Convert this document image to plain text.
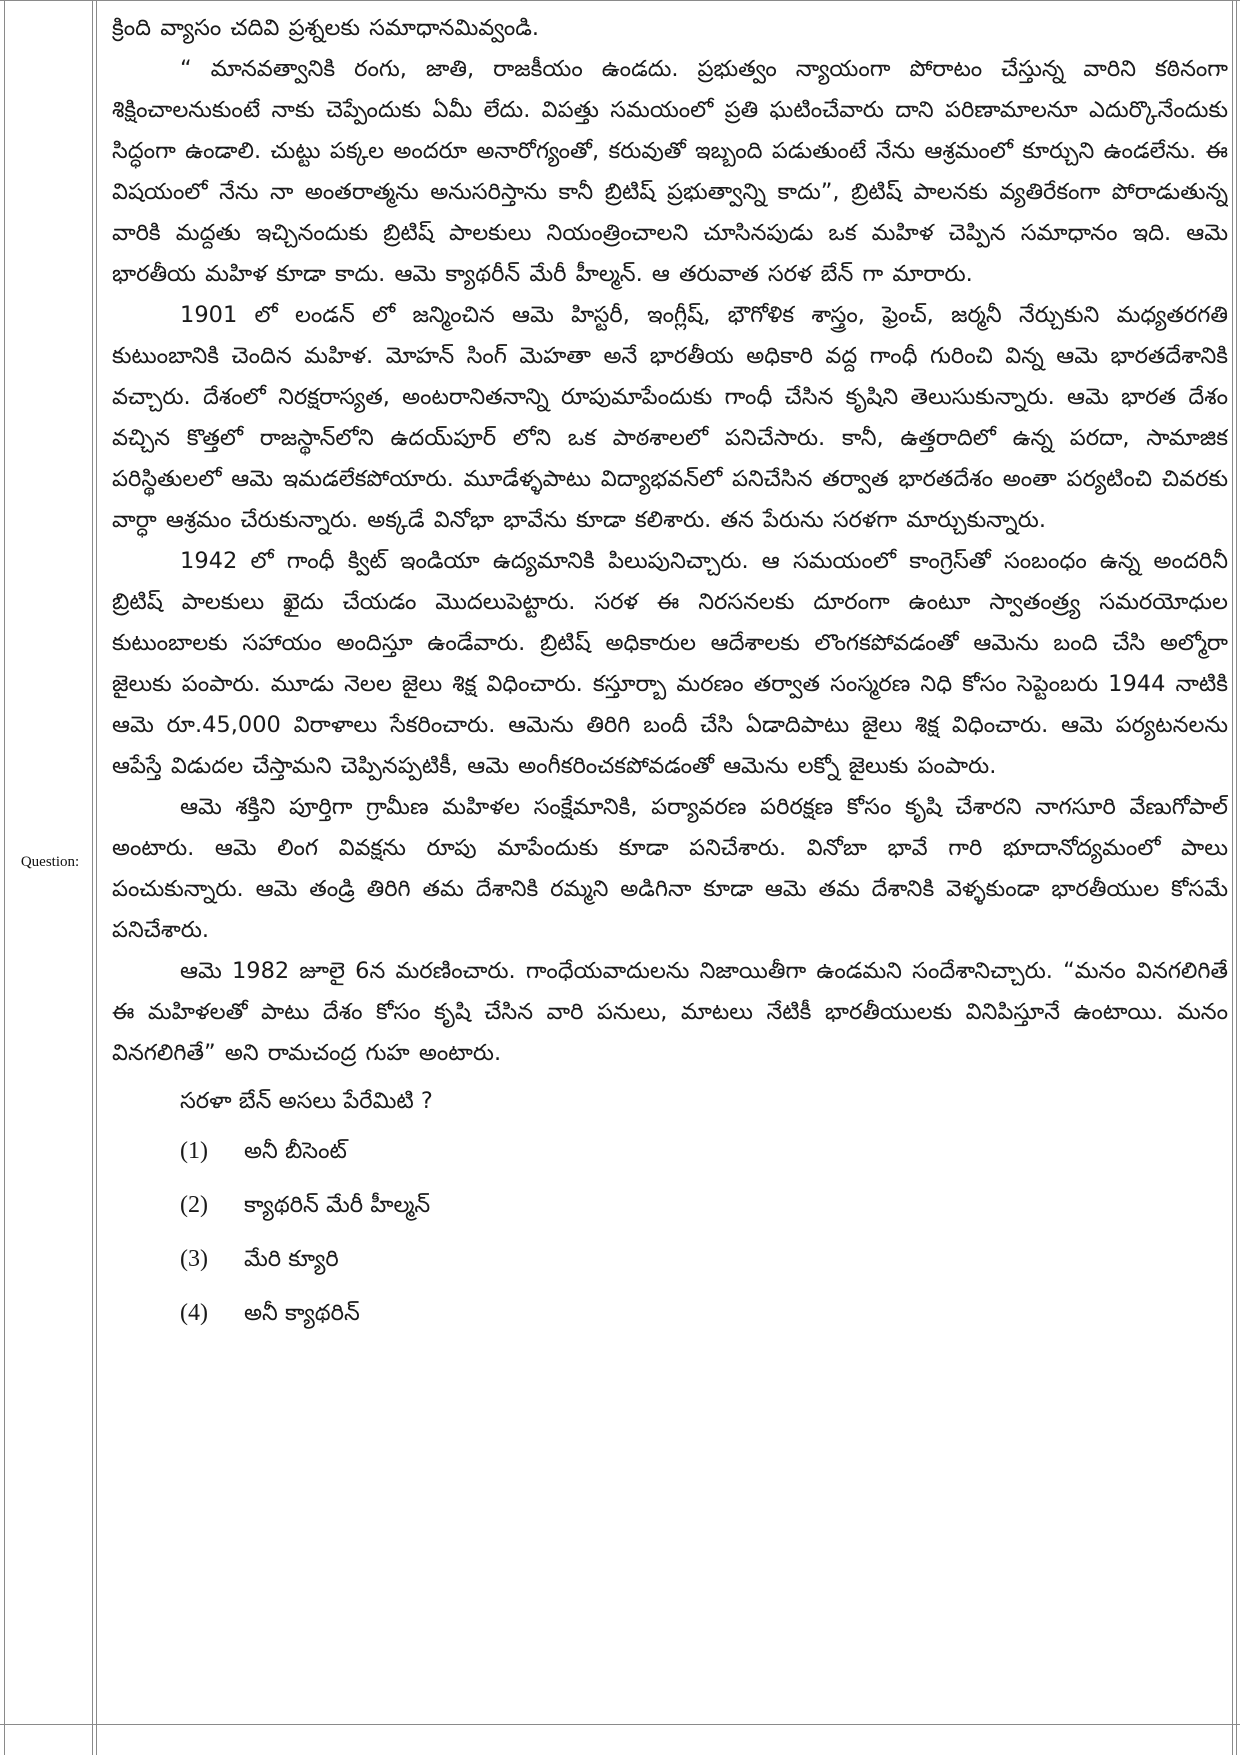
Question:

క్రింది వ్యాసం చదివి ప్రశ్నలకు సమాధానమివ్వండి.

“ మానవత్వానికి రంగు, జాతి, రాజకీయం ఉండదు. ప్రభుత్వం న్యాయంగా పోరాటం చేస్తున్న వారిని కఠినంగా శిక్షించాలనుకుంటే నాకు చెప్పేందుకు ఏమీ లేదు. విపత్తు సమయంలో ప్రతి ఘటించేవారు దాని పరిణామాలనూ ఎదుర్కొనేందుకు సిద్ధంగా ఉండాలి. చుట్టు పక్కల అందరూ అనారోగ్యంతో, కరువుతో ఇబ్బంది పడుతుంటే నేను ఆశ్రమంలో కూర్చుని ఉండలేను. ఈ విషయంలో నేను నా అంతరాత్మను అనుసరిస్తాను కానీ బ్రిటిష్ ప్రభుత్వాన్ని కాదు”, బ్రిటిష్ పాలనకు వ్యతిరేకంగా పోరాడుతున్న వారికి మద్దతు ఇచ్చినందుకు బ్రిటిష్ పాలకులు నియంత్రించాలని చూసినపుడు ఒక మహిళ చెప్పిన సమాధానం ఇది. ఆమె భారతీయ మహిళ కూడా కాదు. ఆమె క్యాథరీన్ మేరీ హీల్మన్. ఆ తరువాత సరళ బేన్ గా మారారు.

1901 లో లండన్ లో జన్మించిన ఆమె హిస్టరీ, ఇంగ్లీష్, భౌగోళిక శాస్త్రం, ఫ్రెంచ్, జర్మనీ నేర్చుకుని మధ్యతరగతి కుటుంబానికి చెందిన మహిళ. మోహన్ సింగ్ మెహతా అనే భారతీయ అధికారి వద్ద గాంధీ గురించి విన్న ఆమె భారతదేశానికి వచ్చారు. దేశంలో నిరక్షరాస్యత, అంటరానితనాన్ని రూపుమాపేందుకు గాంధీ చేసిన కృషిని తెలుసుకున్నారు. ఆమె భారత దేశం వచ్చిన కొత్తలో రాజస్థాన్‌లోని ఉదయ్‌పూర్ లోని ఒక పాఠశాలలో పనిచేసారు. కానీ, ఉత్తరాదిలో ఉన్న పరదా, సామాజిక పరిస్థితులలో ఆమె ఇమడలేకపోయారు. మూడేళ్ళపాటు విద్యాభవన్‌లో పనిచేసిన తర్వాత భారతదేశం అంతా పర్యటించి చివరకు వార్ధా ఆశ్రమం చేరుకున్నారు. అక్కడే వినోభా భావేను కూడా కలిశారు. తన పేరును సరళగా మార్చుకున్నారు.

1942 లో గాంధీ క్విట్ ఇండియా ఉద్యమానికి పిలుపునిచ్చారు. ఆ సమయంలో కాంగ్రెస్‌తో సంబంధం ఉన్న అందరినీ బ్రిటిష్ పాలకులు ఖైదు చేయడం మొదలుపెట్టారు. సరళ ఈ నిరసనలకు దూరంగా ఉంటూ స్వాతంత్ర్య సమరయోధుల కుటుంబాలకు సహాయం అందిస్తూ ఉండేవారు. బ్రిటిష్ అధికారుల ఆదేశాలకు లొంగకపోవడంతో ఆమెను బంది చేసి అల్మోరా జైలుకు పంపారు. మూడు నెలల జైలు శిక్ష విధించారు. కస్తూర్బా మరణం తర్వాత సంస్మరణ నిధి కోసం సెప్టెంబరు 1944 నాటికి ఆమె రూ.45,000 విరాళాలు సేకరించారు. ఆమెను తిరిగి బందీ చేసి ఏడాదిపాటు జైలు శిక్ష విధించారు. ఆమె పర్యటనలను ఆపేస్తే విడుదల చేస్తామని చెప్పినప్పటికీ, ఆమె అంగీకరించకపోవడంతో ఆమెను లక్నో జైలుకు పంపారు.

ఆమె శక్తిని పూర్తిగా గ్రామీణ మహిళల సంక్షేమానికి, పర్యావరణ పరిరక్షణ కోసం కృషి చేశారని నాగసూరి వేణుగోపాల్ అంటారు. ఆమె లింగ వివక్షను రూపు మాపేందుకు కూడా పనిచేశారు. వినోబా భావే గారి భూదానోద్యమంలో పాలు పంచుకున్నారు. ఆమె తండ్రి తిరిగి తమ దేశానికి రమ్మని అడిగినా కూడా ఆమె తమ దేశానికి వెళ్ళకుండా భారతీయుల కోసమే పనిచేశారు.

ఆమె 1982 జూలై 6న మరణించారు. గాంధేయవాదులను నిజాయితీగా ఉండమని సందేశానిచ్చారు. “మనం వినగలిగితే ఈ మహిళలతో పాటు దేశం కోసం కృషి చేసిన వారి పనులు, మాటలు నేటికీ భారతీయులకు వినిపిస్తూనే ఉంటాయి. మనం వినగలిగితే” అని రామచంద్ర గుహ అంటారు.

సరళా బేన్ అసలు పేరేమిటి ?

(1)	అనీ బీసెంట్
(2)	క్యాథరిన్ మేరీ హీల్మన్
(3)	మేరి క్యూరి
(4)	అనీ క్యాథరిన్
